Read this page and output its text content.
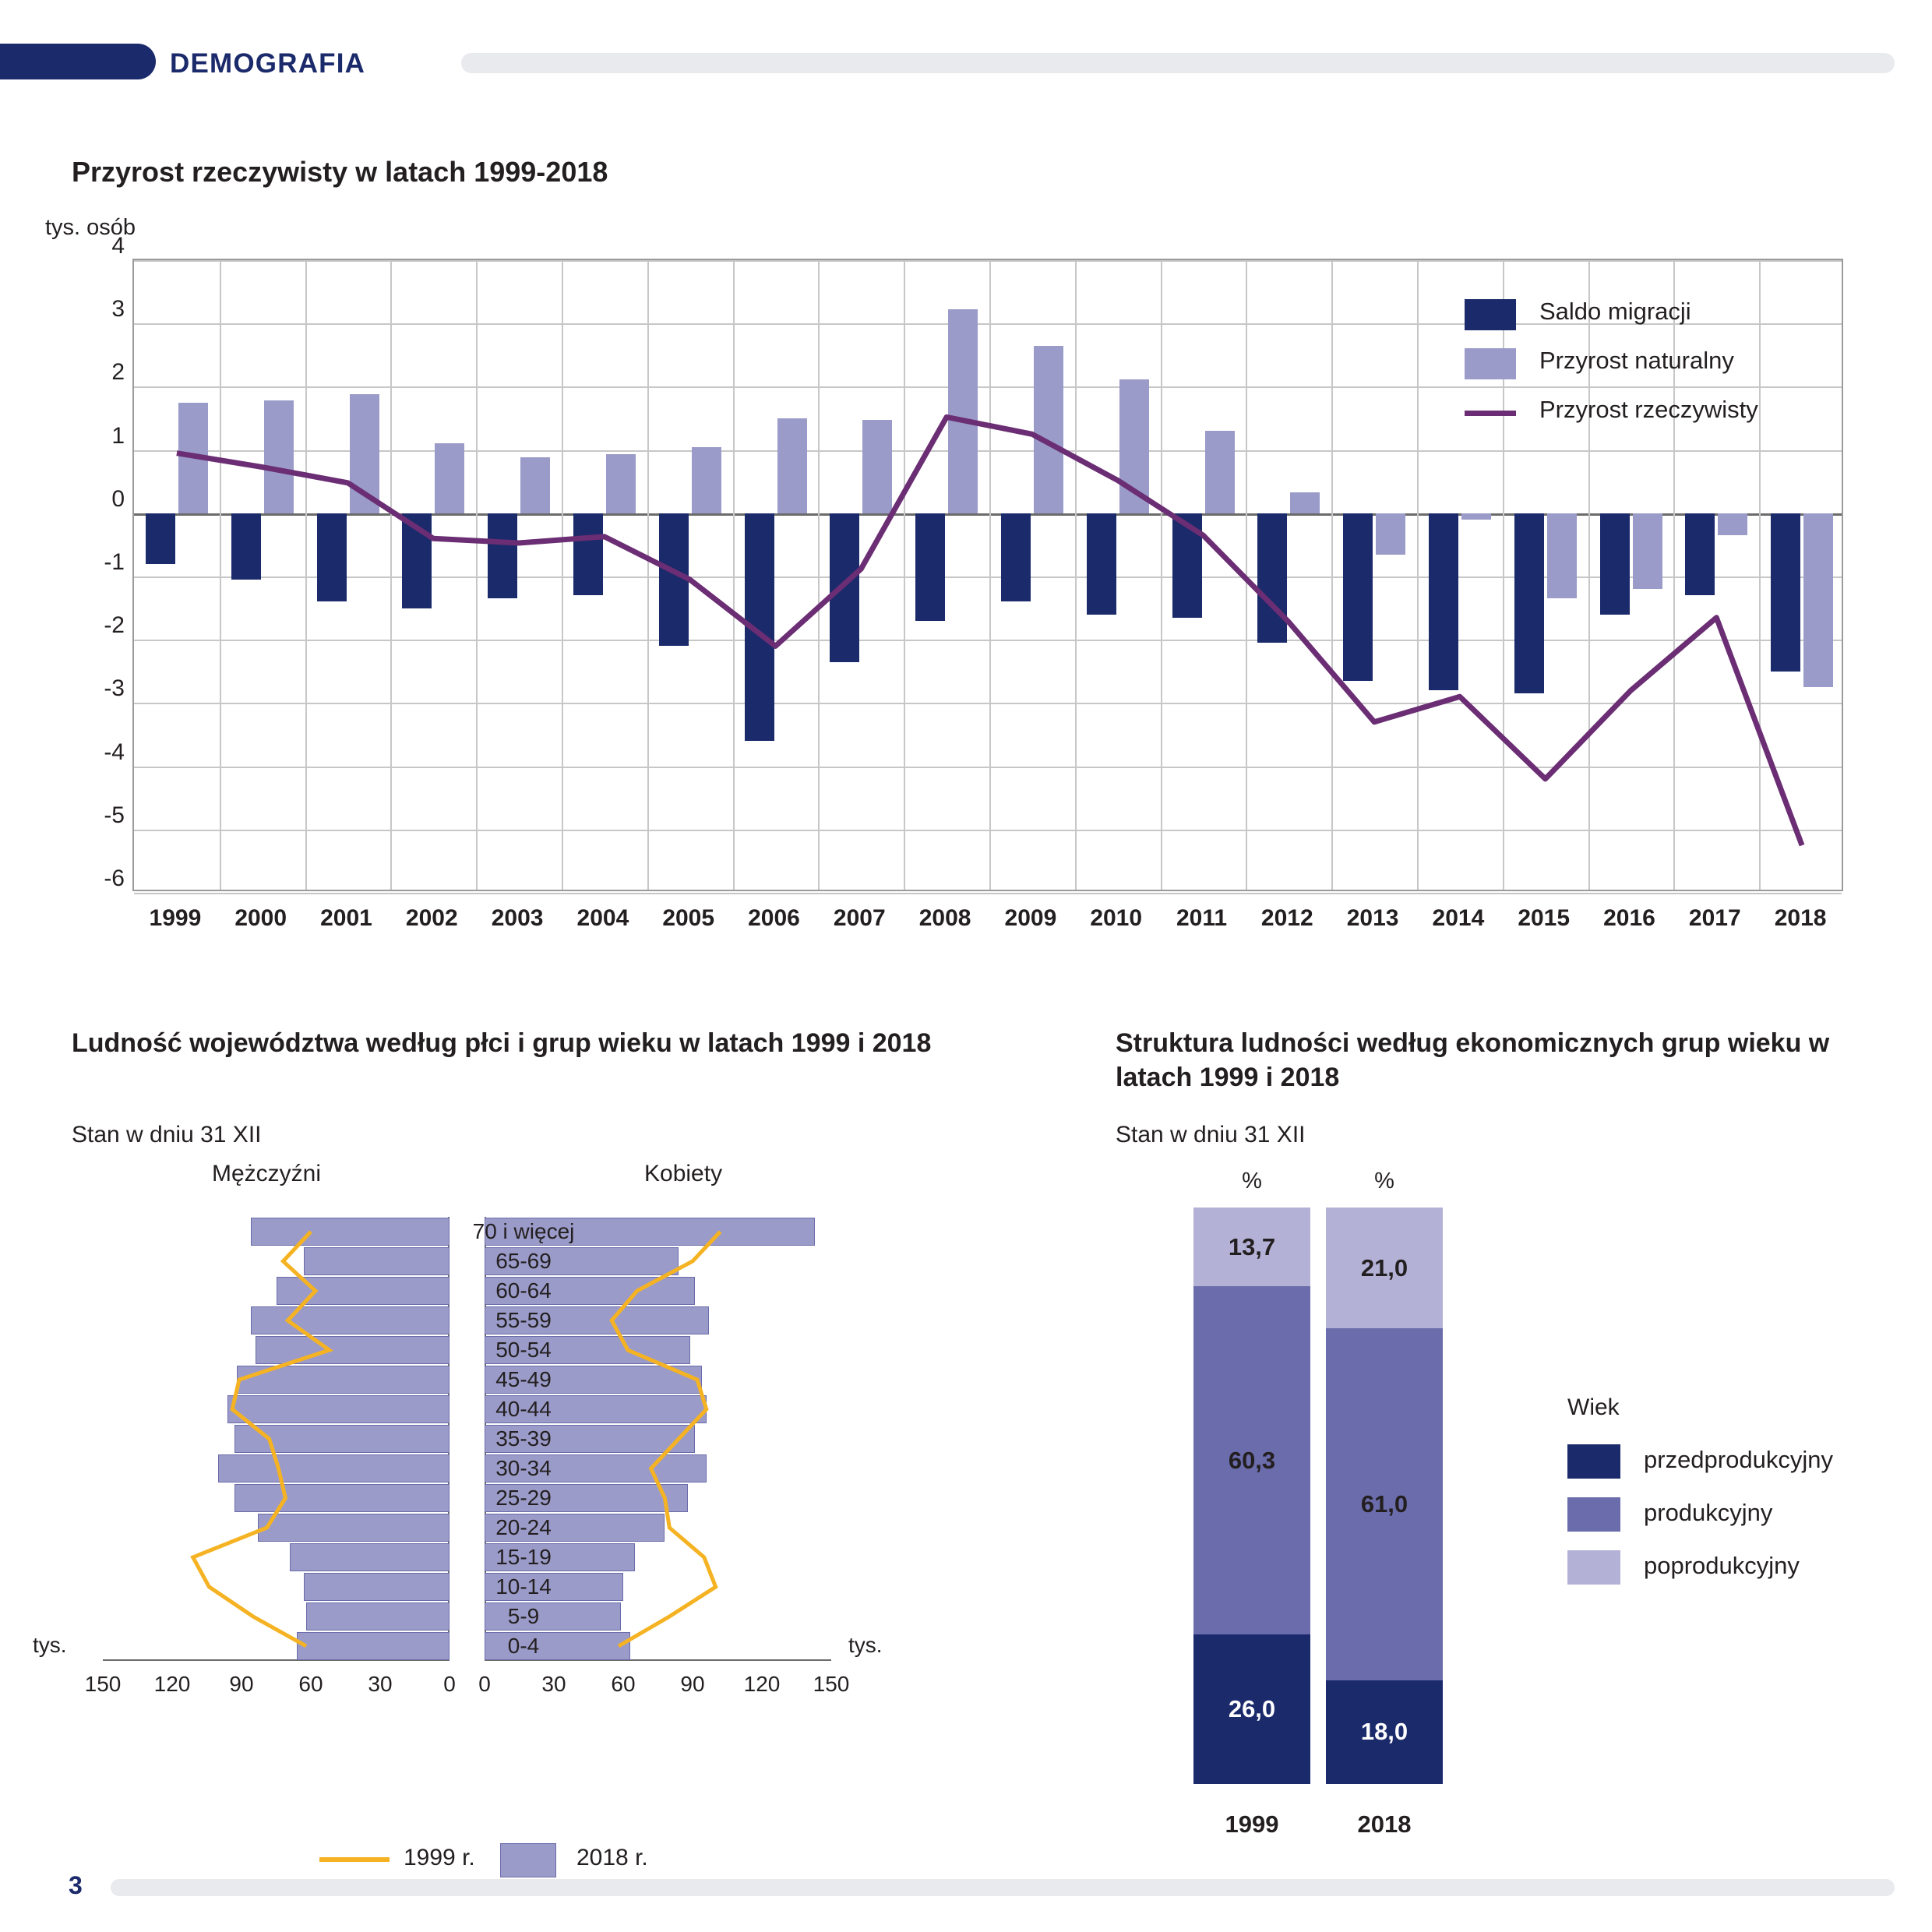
DEMOGRAFIA
Przyrost rzeczywisty w latach 1999-2018
tys. osób
4
3
2
1
0
-1
-2
-3
-4
-5
-6
1999 2000 2001 2002 2003 2004 2005 2006 2007 2008 2009 2010 2011 2012 2013 2014 2015 2016 2017 2018
Saldo migracji
Przyrost naturalny
Przyrost rzeczywisty
Ludność województwa według płci i grup wieku w latach 1999 i 2018
Stan w dniu 31 XII
Mężczyźni	Kobiety
70 i więcej
65-69
60-64
55-59
50-54
45-49
40-44
35-39
30-34
25-29
20-24
15-19
10-14
5-9
0-4
0
30
60
90
120
150	0 30 60 90 120 150
tys.	tys.
1999 r.	2018 r.
Struktura ludności według ekonomicznych grup wieku w latach 1999 i 2018
Stan w dniu 31 XII
%
26,0
60,3
13,7
1999
%
18,0
61,0
21,0
2018
Wiek
przedprodukcyjny
produkcyjny
poprodukcyjny
3
